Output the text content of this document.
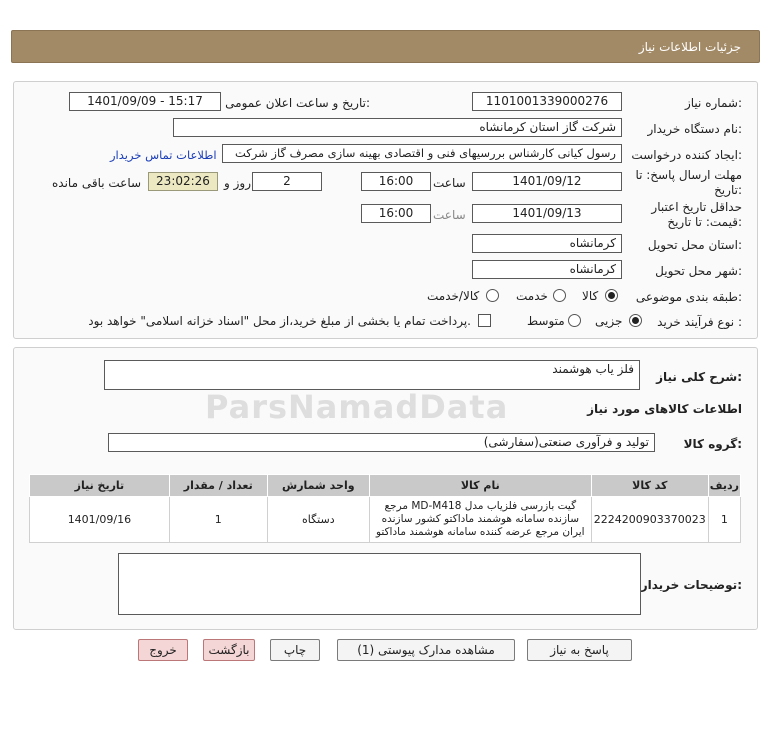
جزئیات اطلاعات نیاز
شماره نیاز:
1101001339000276
تاریخ و ساعت اعلان عمومی:
1401/09/09 - 15:17
نام دستگاه خریدار:
شرکت گاز استان کرمانشاه
ایجاد کننده درخواست:
رسول کیانی کارشناس بررسیهای فنی و اقتصادی بهینه سازی مصرف گاز شرکت
اطلاعات تماس خریدار
مهلت ارسال پاسخ: تا
تاریخ:
1401/09/12
ساعت
16:00
2
روز و
23:02:26
ساعت باقی مانده
حداقل تاریخ اعتبار
قیمت: تا تاریخ:
1401/09/13
ساعت
16:00
استان محل تحویل:
کرمانشاه
شهر محل تحویل:
کرمانشاه
طبقه بندی موضوعی:
کالا
خدمت
کالا/خدمت
نوع فرآیند خرید :
جزیی
متوسط
پرداخت تمام یا بخشی از مبلغ خرید،از محل "اسناد خزانه اسلامی" خواهد بود.
شرح کلی نیاز:
فلز یاب هوشمند
ParsNamadData	اطلاعات کالاهای مورد نیاز
گروه کالا:
تولید و فرآوری صنعتی(سفارشی)
ردیف	کد کالا	نام کالا	واحد شمارش	تعداد / مقدار	تاریخ نیاز
1	2224200903370023	گیت بازرسی فلزیاب مدل MD-M418 مرجع سازنده سامانه هوشمند ماداکتو کشور سازنده ایران مرجع عرضه کننده سامانه هوشمند ماداکتو	دستگاه	1	1401/09/16
توضیحات خریدار:
پاسخ به نیاز
مشاهده مدارک پیوستی (1)
چاپ
بازگشت
خروج
